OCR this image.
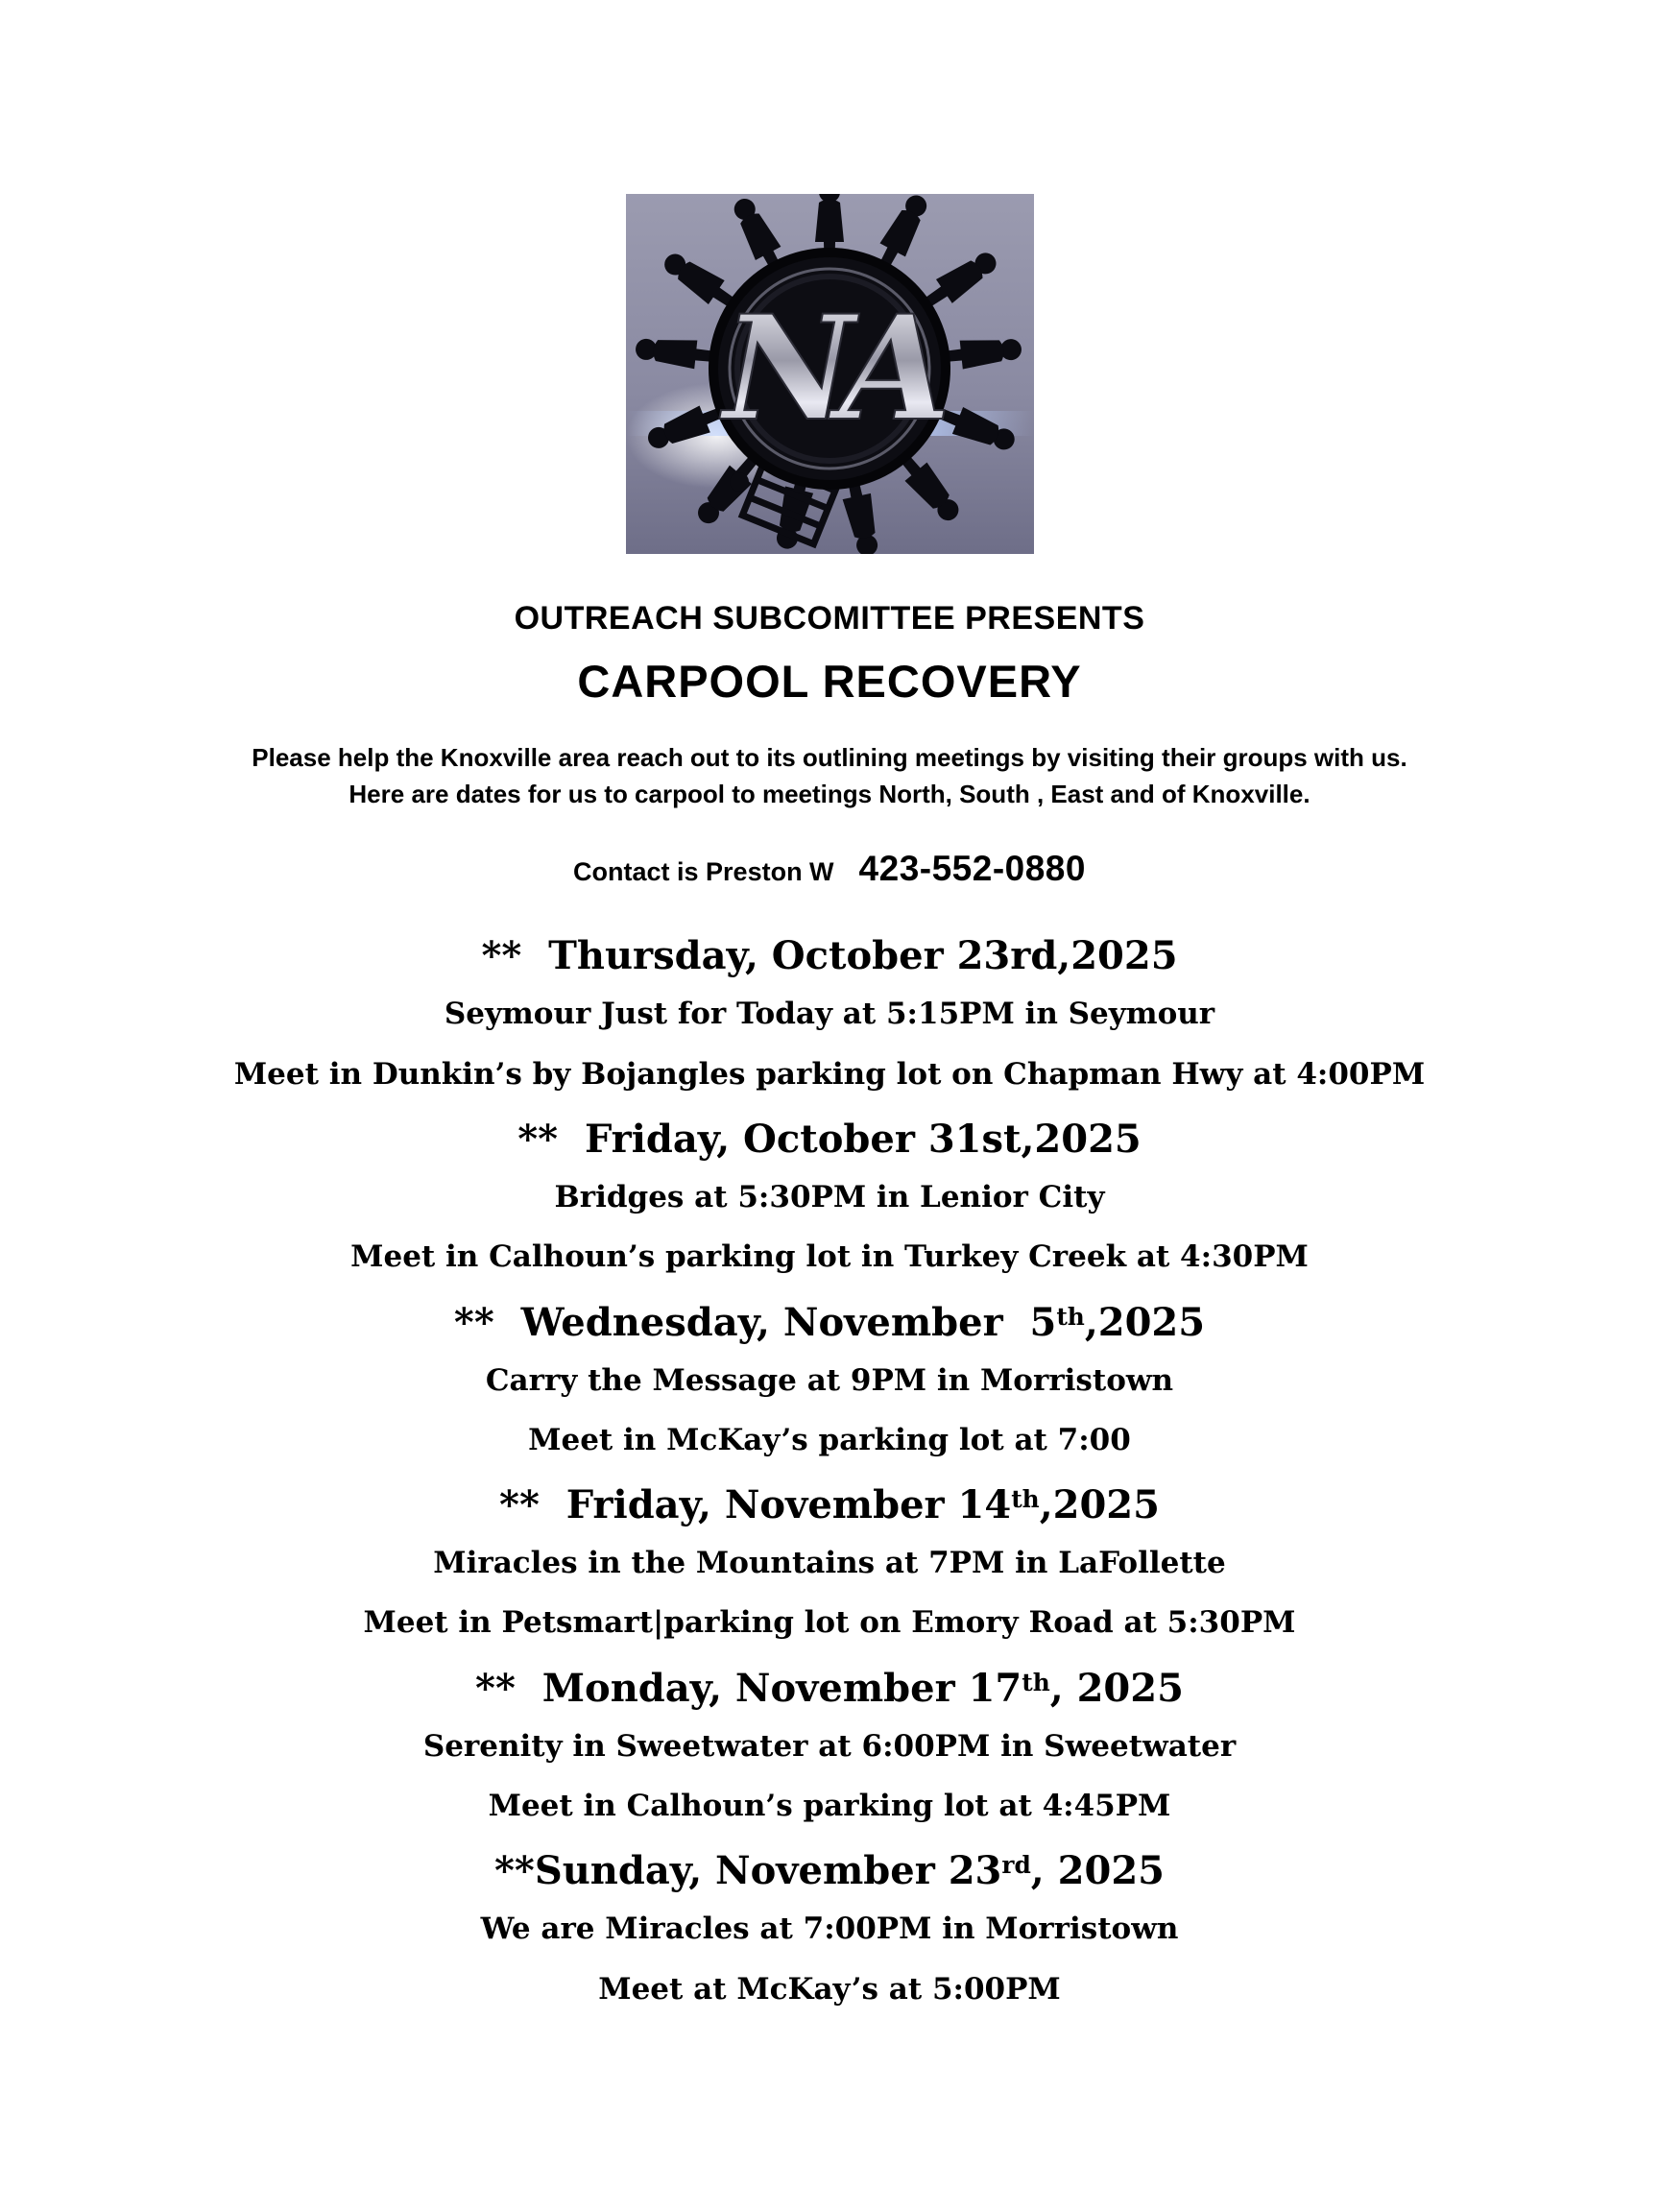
NA
OUTREACH SUBCOMITTEE PRESENTS
CARPOOL RECOVERY
Please help the Knoxville area reach out to its outlining meetings by visiting their groups with us.
Here are dates for us to carpool to meetings North, South , East and of Knoxville.
Contact is Preston W 423-552-0880
**  Thursday, October 23rd,2025
Seymour Just for Today at 5:15PM in Seymour
Meet in Dunkin’s by Bojangles parking lot on Chapman Hwy at 4:00PM
**  Friday, October 31st,2025
Bridges at 5:30PM in Lenior City
Meet in Calhoun’s parking lot in Turkey Creek at 4:30PM
**  Wednesday, November  5th,2025
Carry the Message at 9PM in Morristown
Meet in McKay’s parking lot at 7:00
**  Friday, November 14th,2025
Miracles in the Mountains at 7PM in LaFollette
Meet in Petsmart|parking lot on Emory Road at 5:30PM
**  Monday, November 17th, 2025
Serenity in Sweetwater at 6:00PM in Sweetwater
Meet in Calhoun’s parking lot at 4:45PM
**Sunday, November 23rd, 2025
We are Miracles at 7:00PM in Morristown
Meet at McKay’s at 5:00PM
